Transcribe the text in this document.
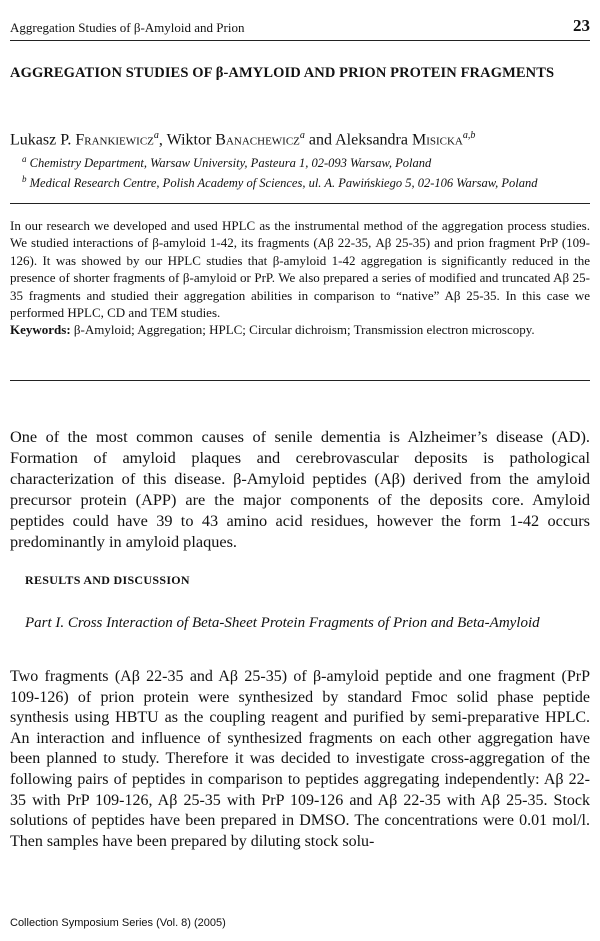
Aggregation Studies of β-Amyloid and Prion	23
AGGREGATION STUDIES OF β-AMYLOID AND PRION PROTEIN FRAGMENTS
Lukasz P. Frankiewicz$^a$, Wiktor Banachewicz$^a$ and Aleksandra Misicka$^{a,b}$
$^a$ Chemistry Department, Warsaw University, Pasteura 1, 02-093 Warsaw, Poland
$^b$ Medical Research Centre, Polish Academy of Sciences, ul. A. Pawińskiego 5, 02-106 Warsaw, Poland

In our research we developed and used HPLC as the instrumental method of the aggregation process studies. We studied interactions of β-amyloid 1-42, its fragments (Aβ 22-35, Aβ 25-35) and prion fragment PrP (109-126). It was showed by our HPLC studies that β-amyloid 1-42 aggregation is significantly reduced in the presence of shorter fragments of β-amyloid or PrP. We also prepared a series of modified and truncated Aβ 25-35 fragments and studied their aggregation abilities in comparison to “native” Aβ 25-35. In this case we performed HPLC, CD and TEM studies.

Keywords: β-Amyloid; Aggregation; HPLC; Circular dichroism; Transmission electron microscopy.

One of the most common causes of senile dementia is Alzheimer’s disease (AD). Formation of amyloid plaques and cerebrovascular deposits is pathological characterization of this disease. β-Amyloid peptides (Aβ) derived from the amyloid precursor protein (APP) are the major components of the deposits core. Amyloid peptides could have 39 to 43 amino acid residues, however the form 1-42 occurs predominantly in amyloid plaques.

RESULTS AND DISCUSSION
Part I. Cross Interaction of Beta-Sheet Protein Fragments of Prion and Beta-Amyloid

Two fragments (Aβ 22-35 and Aβ 25-35) of β-amyloid peptide and one fragment (PrP 109-126) of prion protein were synthesized by standard Fmoc solid phase peptide synthesis using HBTU as the coupling reagent and purified by semi-preparative HPLC. An interaction and influence of synthesized fragments on each other aggregation have been planned to study. Therefore it was decided to investigate cross-aggregation of the following pairs of peptides in comparison to peptides aggregating independently: Aβ 22-35 with PrP 109-126, Aβ 25-35 with PrP 109-126 and Aβ 22-35 with Aβ 25-35. Stock solutions of peptides have been prepared in DMSO. The concentrations were 0.01 mol/l. Then samples have been prepared by diluting stock solu-

Collection Symposium Series (Vol. 8) (2005)
